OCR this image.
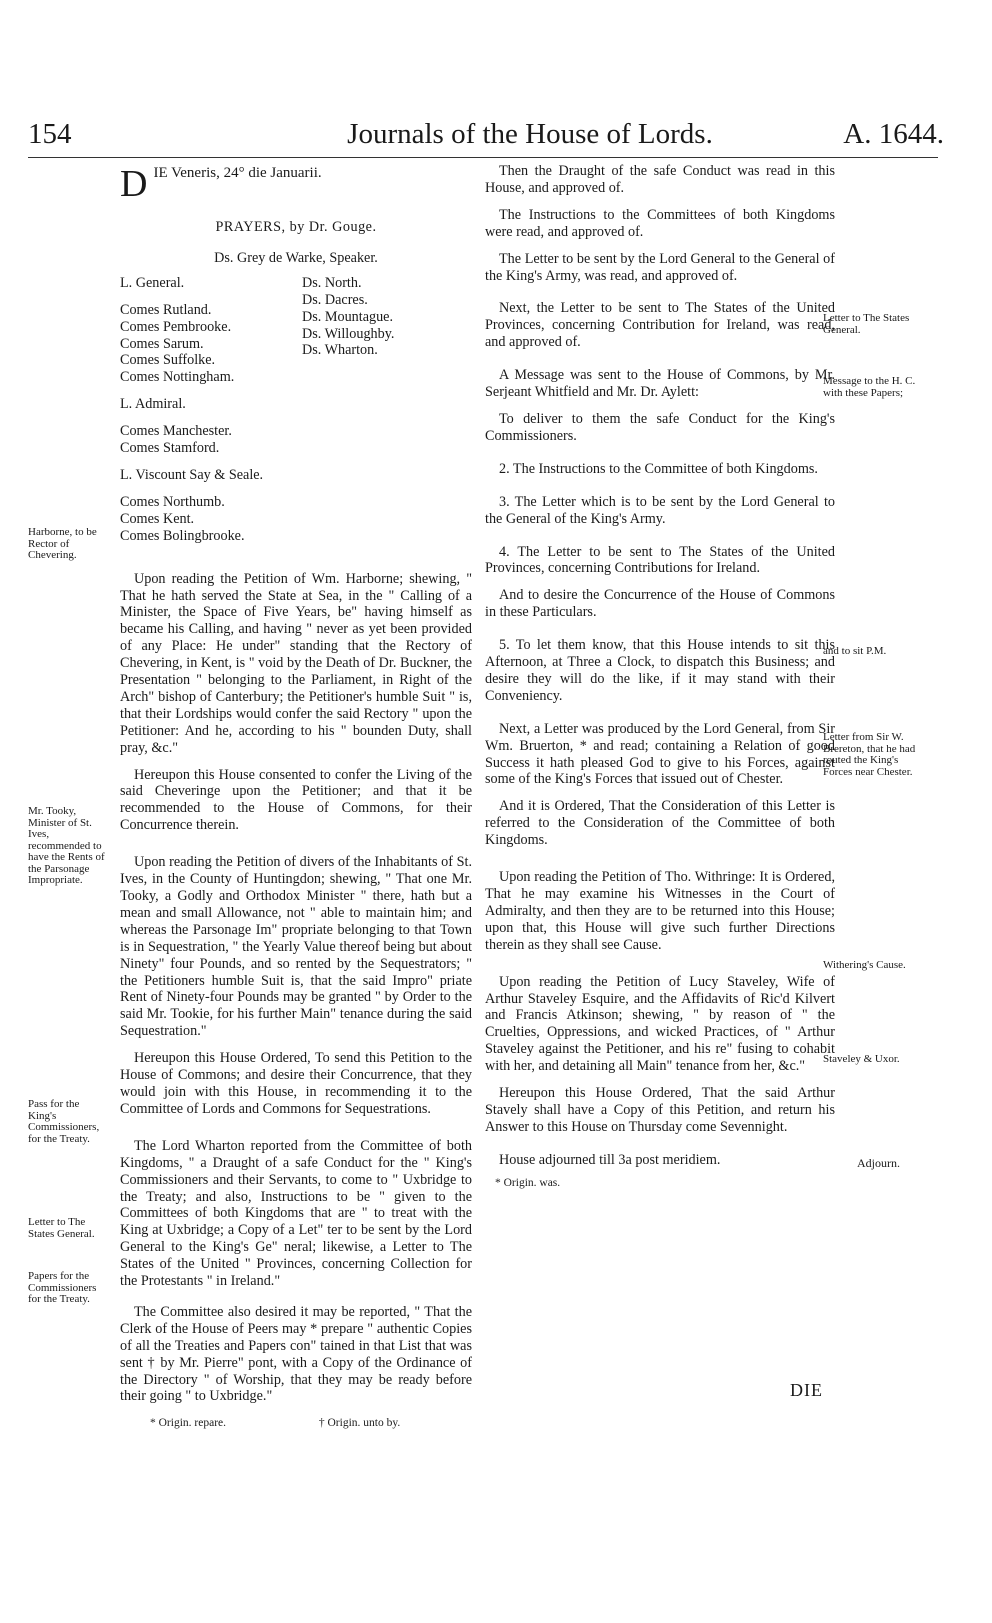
154	Journals of the House of Lords.	A. 1644.
D IE Veneris, 24° die Januarii.
PRAYERS, by Dr. Gouge.
Ds. Grey de Warke, Speaker.
L. General.
Comes Rutland.
Comes Pembrooke.
Comes Sarum.
Comes Suffolke.
Comes Nottingham.
L. Admiral.
Comes Manchester.
Comes Stamford.
L. Viscount Say & Seale.
Comes Northumb.
Comes Kent.
Comes Bolingbrooke.
Ds. North.
Ds. Dacres.
Ds. Mountague.
Ds. Willoughby.
Ds. Wharton.

Upon reading the Petition of Wm. Harborne; shewing, " That he hath served the State at Sea, in the " Calling of a Minister, the Space of Five Years, be" having himself as became his Calling, and having " never as yet been provided of any Place: He under" standing that the Rectory of Chevering, in Kent, is " void by the Death of Dr. Buckner, the Presentation " belonging to the Parliament, in Right of the Arch" bishop of Canterbury; the Petitioner's humble Suit " is, that their Lordships would confer the said Rectory " upon the Petitioner: And he, according to his " bounden Duty, shall pray, &c."

Hereupon this House consented to confer the Living of the said Cheveringe upon the Petitioner; and that it be recommended to the House of Commons, for their Concurrence therein.

Upon reading the Petition of divers of the Inhabitants of St. Ives, in the County of Huntingdon; shewing, " That one Mr. Tooky, a Godly and Orthodox Minister " there, hath but a mean and small Allowance, not " able to maintain him; and whereas the Parsonage Im" propriate belonging to that Town is in Sequestration, " the Yearly Value thereof being but about Ninety" four Pounds, and so rented by the Sequestrators; " the Petitioners humble Suit is, that the said Impro" priate Rent of Ninety-four Pounds may be granted " by Order to the said Mr. Tookie, for his further Main" tenance during the said Sequestration."

Hereupon this House Ordered, To send this Petition to the House of Commons; and desire their Concurrence, that they would join with this House, in recommending it to the Committee of Lords and Commons for Sequestrations.

The Lord Wharton reported from the Committee of both Kingdoms, " a Draught of a safe Conduct for the " King's Commissioners and their Servants, to come to " Uxbridge to the Treaty; and also, Instructions to be " given to the Committees of both Kingdoms that are " to treat with the King at Uxbridge; a Copy of a Let" ter to be sent by the Lord General to the King's Ge" neral; likewise, a Letter to The States of the United " Provinces, concerning Collection for the Protestants " in Ireland."

The Committee also desired it may be reported, " That the Clerk of the House of Peers may * prepare " authentic Copies of all the Treaties and Papers con" tained in that List that was sent † by Mr. Pierre" pont, with a Copy of the Ordinance of the Directory " of Worship, that they may be ready before their going " to Uxbridge."

* Origin. repare.	† Origin. unto by.

Then the Draught of the safe Conduct was read in this House, and approved of.

The Instructions to the Committees of both Kingdoms were read, and approved of.

The Letter to be sent by the Lord General to the General of the King's Army, was read, and approved of.

Next, the Letter to be sent to The States of the United Provinces, concerning Contribution for Ireland, was read, and approved of.

A Message was sent to the House of Commons, by Mr. Serjeant Whitfield and Mr. Dr. Aylett:

To deliver to them the safe Conduct for the King's Commissioners.

2. The Instructions to the Committee of both Kingdoms.

3. The Letter which is to be sent by the Lord General to the General of the King's Army.

4. The Letter to be sent to The States of the United Provinces, concerning Contributions for Ireland.

And to desire the Concurrence of the House of Commons in these Particulars.

5. To let them know, that this House intends to sit this Afternoon, at Three a Clock, to dispatch this Business; and desire they will do the like, if it may stand with their Conveniency.

Next, a Letter was produced by the Lord General, from Sir Wm. Bruerton, * and read; containing a Relation of good Success it hath pleased God to give to his Forces, against some of the King's Forces that issued out of Chester.

And it is Ordered, That the Consideration of this Letter is referred to the Consideration of the Committee of both Kingdoms.

Upon reading the Petition of Tho. Withringe: It is Ordered, That he may examine his Witnesses in the Court of Admiralty, and then they are to be returned into this House; upon that, this House will give such further Directions therein as they shall see Cause.

Upon reading the Petition of Lucy Staveley, Wife of Arthur Staveley Esquire, and the Affidavits of Ric'd Kilvert and Francis Atkinson; shewing, " by reason of " the Cruelties, Oppressions, and wicked Practices, of " Arthur Staveley against the Petitioner, and his re" fusing to cohabit with her, and detaining all Main" tenance from her, &c."

Hereupon this House Ordered, That the said Arthur Stavely shall have a Copy of this Petition, and return his Answer to this House on Thursday come Sevennight.

House adjourned till 3a post meridiem.

* Origin. was.
Harborne, to be Rector of Chevering.
Mr. Tooky, Minister of St. Ives, recommended to have the Rents of the Parsonage Impropriate.
Pass for the King's Commissioners, for the Treaty.
Letter to The States General.
Papers for the Commissioners for the Treaty.
Letter to The States General.
Message to the H. C. with these Papers;
and to sit P.M.
Letter from Sir W. Brereton, that he had routed the King's Forces near Chester.
Withering's Cause.
Staveley & Uxor.
Adjourn.
DIE
